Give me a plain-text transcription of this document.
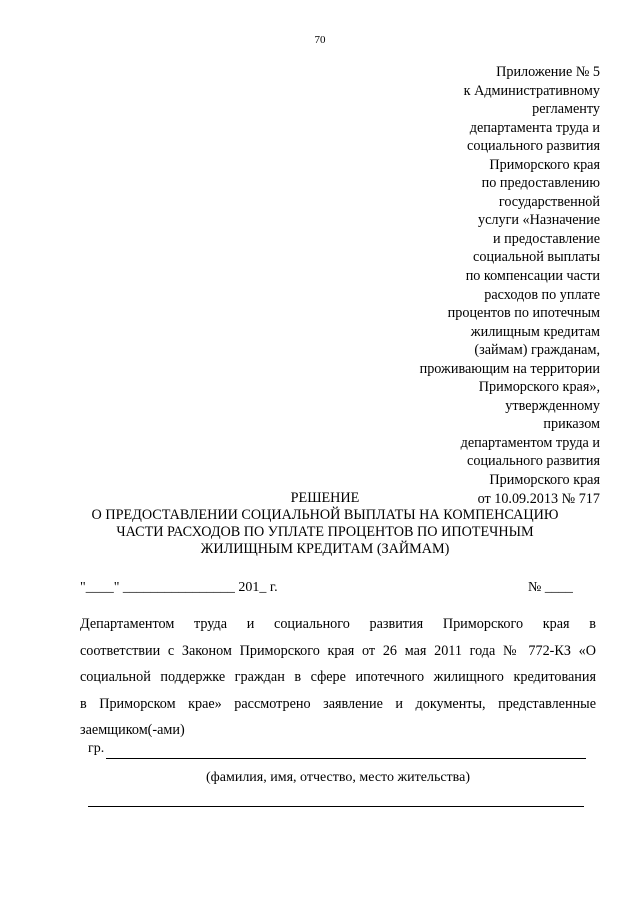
70
Приложение № 5
к Административному
регламенту
департамента труда и
социального развития
Приморского края
по предоставлению
государственной
услуги «Назначение
и предоставление
социальной выплаты
по компенсации части
расходов по уплате
процентов по ипотечным
жилищным кредитам
(займам) гражданам,
проживающим на территории
Приморского края»,
утвержденному
приказом
департаментом труда и
социального развития
Приморского края
от 10.09.2013 № 717
РЕШЕНИЕ
О ПРЕДОСТАВЛЕНИИ СОЦИАЛЬНОЙ ВЫПЛАТЫ НА КОМПЕНСАЦИЮ
ЧАСТИ РАСХОДОВ ПО УПЛАТЕ ПРОЦЕНТОВ ПО ИПОТЕЧНЫМ
ЖИЛИЩНЫМ КРЕДИТАМ (ЗАЙМАМ)
"____" ________________ 201_ г.	№ ____
Департаментом труда и социального развития Приморского края в
соответствии с Законом Приморского края от 26 мая 2011 года № 772-КЗ «О
социальной поддержке граждан в сфере ипотечного жилищного кредитования
в Приморском крае» рассмотрено заявление и документы, представленные
заемщиком(-ами)
гр.
(фамилия, имя, отчество, место жительства)
